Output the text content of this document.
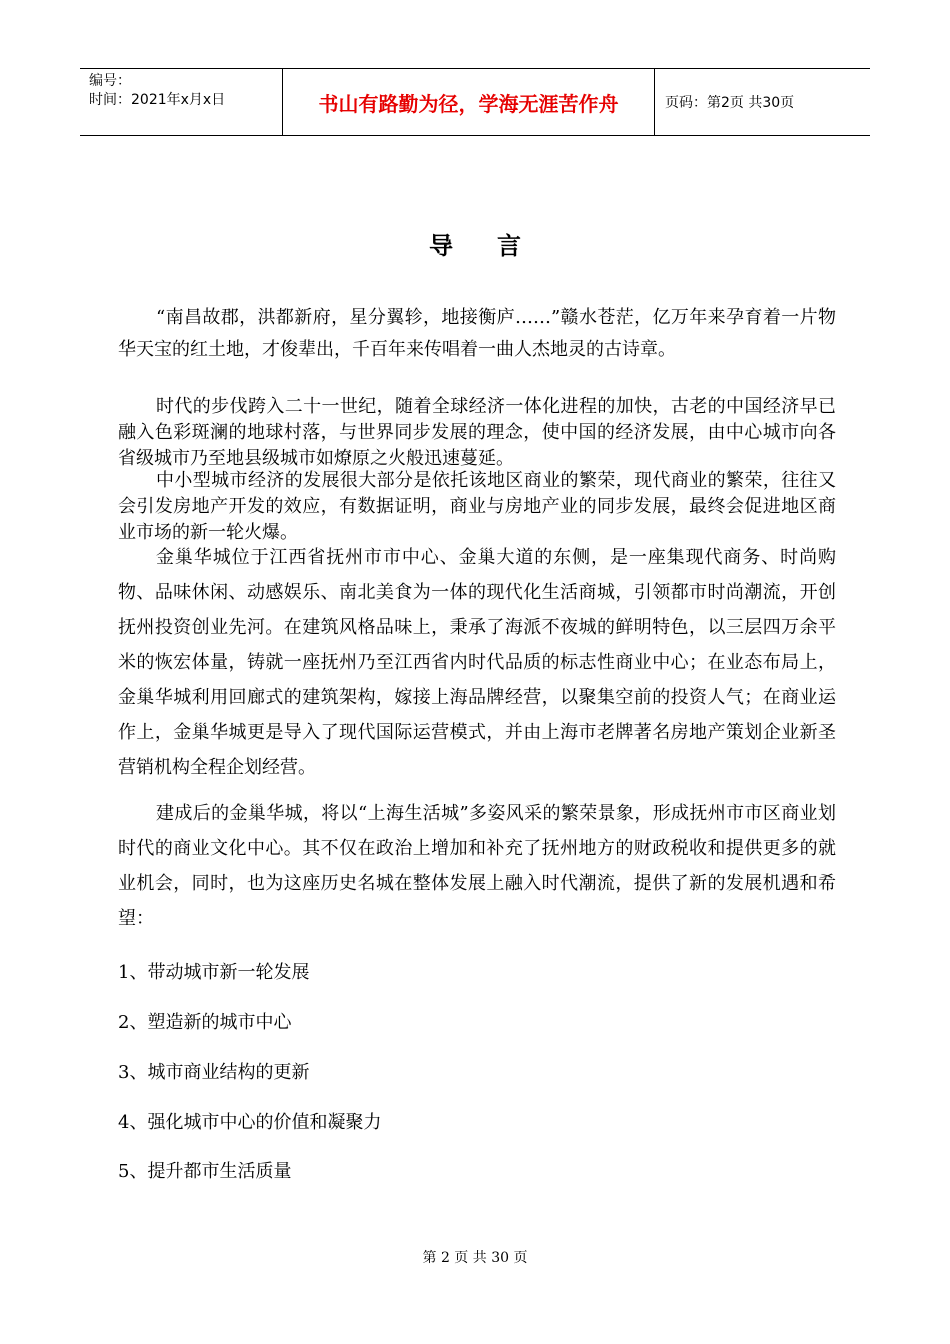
编号：
时间：2021年x月x日	书山有路勤为径，学海无涯苦作舟	页码：第2页 共30页
导言

“南昌故郡，洪都新府，星分翼轸，地接衡庐……”赣水苍茫，亿万年来孕育着一片物华天宝的红土地，才俊辈出，千百年来传唱着一曲人杰地灵的古诗章。

时代的步伐跨入二十一世纪，随着全球经济一体化进程的加快，古老的中国经济早已融入色彩斑澜的地球村落，与世界同步发展的理念，使中国的经济发展，由中心城市向各省级城市乃至地县级城市如燎原之火般迅速蔓延。

中小型城市经济的发展很大部分是依托该地区商业的繁荣，现代商业的繁荣，往往又会引发房地产开发的效应，有数据证明，商业与房地产业的同步发展，最终会促进地区商业市场的新一轮火爆。

金巢华城位于江西省抚州市市中心、金巢大道的东侧，是一座集现代商务、时尚购物、品味休闲、动感娱乐、南北美食为一体的现代化生活商城，引领都市时尚潮流，开创抚州投资创业先河。在建筑风格品味上，秉承了海派不夜城的鲜明特色，以三层四万余平米的恢宏体量，铸就一座抚州乃至江西省内时代品质的标志性商业中心；在业态布局上，金巢华城利用回廊式的建筑架构，嫁接上海品牌经营，以聚集空前的投资人气；在商业运作上，金巢华城更是导入了现代国际运营模式，并由上海市老牌著名房地产策划企业新圣营销机构全程企划经营。

建成后的金巢华城，将以“上海生活城”多姿风采的繁荣景象，形成抚州市市区商业划时代的商业文化中心。其不仅在政治上增加和补充了抚州地方的财政税收和提供更多的就业机会，同时，也为这座历史名城在整体发展上融入时代潮流，提供了新的发展机遇和希望：

1、带动城市新一轮发展

2、塑造新的城市中心

3、城市商业结构的更新

4、强化城市中心的价值和凝聚力

5、提升都市生活质量

第 2 页 共 30 页
